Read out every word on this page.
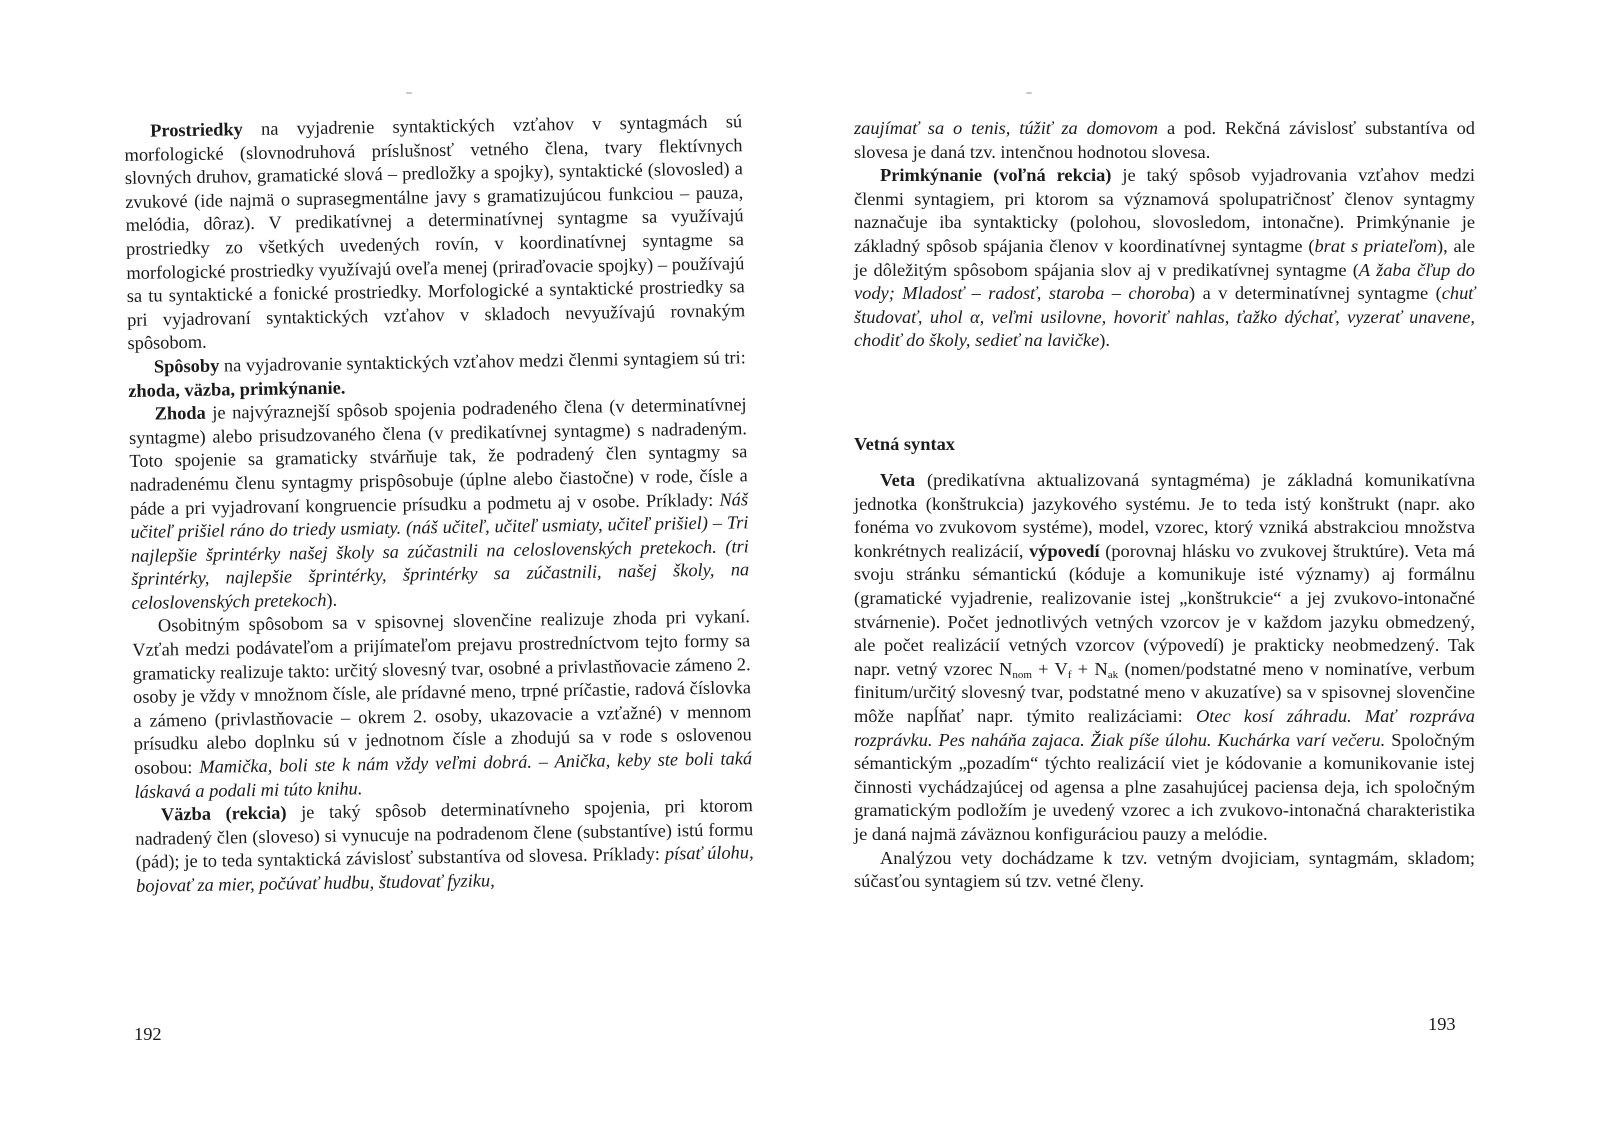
Prostriedky na vyjadrenie syntaktických vzťahov v syntagmách sú morfologické (slovnodruhová príslušnosť vetného člena, tvary flektívnych slovných druhov, gramatické slová – predložky a spojky), syntaktické (slovosled) a zvukové (ide najmä o suprasegmentálne javy s gramatizujúcou funkciou – pauza, melódia, dôraz). V predikatívnej a determinatívnej syntagme sa využívajú prostriedky zo všetkých uvedených rovín, v koordinatívnej syntagme sa morfologické prostriedky využívajú oveľa menej (priraďovacie spojky) – používajú sa tu syntaktické a fonické prostriedky. Morfologické a syntaktické prostriedky sa pri vyjadrovaní syntaktických vzťahov v skladoch nevyužívajú rovnakým spôsobom.

Spôsoby na vyjadrovanie syntaktických vzťahov medzi členmi syntagiem sú tri: zhoda, väzba, primkýnanie.

Zhoda je najvýraznejší spôsob spojenia podradeného člena (v determinatívnej syntagme) alebo prisudzovaného člena (v predikatívnej syntagme) s nadradeným. Toto spojenie sa gramaticky stvárňuje tak, že podradený člen syntagmy sa nadradenému členu syntagmy prispôsobuje (úplne alebo čiastočne) v rode, čísle a páde a pri vyjadrovaní kongruencie prísudku a podmetu aj v osobe. Príklady: Náš učiteľ prišiel ráno do triedy usmiaty. (náš učiteľ, učiteľ usmiaty, učiteľ prišiel) – Tri najlepšie šprintérky našej školy sa zúčastnili na celoslovenských pretekoch. (tri šprintérky, najlepšie šprintérky, šprintérky sa zúčastnili, našej školy, na celoslovenských pretekoch).

Osobitným spôsobom sa v spisovnej slovenčine realizuje zhoda pri vykaní. Vzťah medzi podávateľom a prijímateľom prejavu prostredníctvom tejto formy sa gramaticky realizuje takto: určitý slovesný tvar, osobné a privlastňovacie zámeno 2. osoby je vždy v množnom čísle, ale prídavné meno, trpné príčastie, radová číslovka a zámeno (privlastňovacie – okrem 2. osoby, ukazovacie a vzťažné) v mennom prísudku alebo doplnku sú v jednotnom čísle a zhodujú sa v rode s oslovenou osobou: Mamička, boli ste k nám vždy veľmi dobrá. – Anička, keby ste boli taká láskavá a podali mi túto knihu.

Väzba (rekcia) je taký spôsob determinatívneho spojenia, pri ktorom nadradený člen (sloveso) si vynucuje na podradenom člene (substantíve) istú formu (pád); je to teda syntaktická závislosť substantíva od slovesa. Príklady: písať úlohu, bojovať za mier, počúvať hudbu, študovať fyziku,

192

zaujímať sa o tenis, túžiť za domovom a pod. Rekčná závislosť substantíva od slovesa je daná tzv. intenčnou hodnotou slovesa.

Primkýnanie (voľná rekcia) je taký spôsob vyjadrovania vzťahov medzi členmi syntagiem, pri ktorom sa významová spolupatričnosť členov syntagmy naznačuje iba syntakticky (polohou, slovosledom, intonačne). Primkýnanie je základný spôsob spájania členov v koordinatívnej syntagme (brat s priateľom), ale je dôležitým spôsobom spájania slov aj v predikatívnej syntagme (A žaba čľup do vody; Mladosť – radosť, staroba – choroba) a v determinatívnej syntagme (chuť študovať, uhol α, veľmi usilovne, hovoriť nahlas, ťažko dýchať, vyzerať unavene, chodiť do školy, sedieť na lavičke).

Vetná syntax

Veta (predikatívna aktualizovaná syntagméma) je základná komunikatívna jednotka (konštrukcia) jazykového systému. Je to teda istý konštrukt (napr. ako fonéma vo zvukovom systéme), model, vzorec, ktorý vzniká abstrakciou množstva konkrétnych realizácií, výpovedí (porovnaj hlásku vo zvukovej štruktúre). Veta má svoju stránku sémantickú (kóduje a komunikuje isté významy) aj formálnu (gramatické vyjadrenie, realizovanie istej „konštrukcie“ a jej zvukovo-intonačné stvárnenie). Počet jednotlivých vetných vzorcov je v každom jazyku obmedzený, ale počet realizácií vetných vzorcov (výpovedí) je prakticky neobmedzený. Tak napr. vetný vzorec $N_{nom} + V_f + N_{ak}$ (nomen/podstatné meno v nominatíve, verbum finitum/určitý slovesný tvar, podstatné meno v akuzatíve) sa v spisovnej slovenčine môže napĺňať napr. týmito realizáciami: Otec kosí záhradu. Mať rozpráva rozprávku. Pes naháňa zajaca. Žiak píše úlohu. Kuchárka varí večeru. Spoločným sémantickým „pozadím“ týchto realizácií viet je kódovanie a komunikovanie istej činnosti vychádzajúcej od agensa a plne zasahujúcej paciensa deja, ich spoločným gramatickým podložím je uvedený vzorec a ich zvukovo-intonačná charakteristika je daná najmä záväznou konfiguráciou pauzy a melódie.

Analýzou vety dochádzame k tzv. vetným dvojiciam, syntagmám, skladom; súčasťou syntagiem sú tzv. vetné členy.

193
